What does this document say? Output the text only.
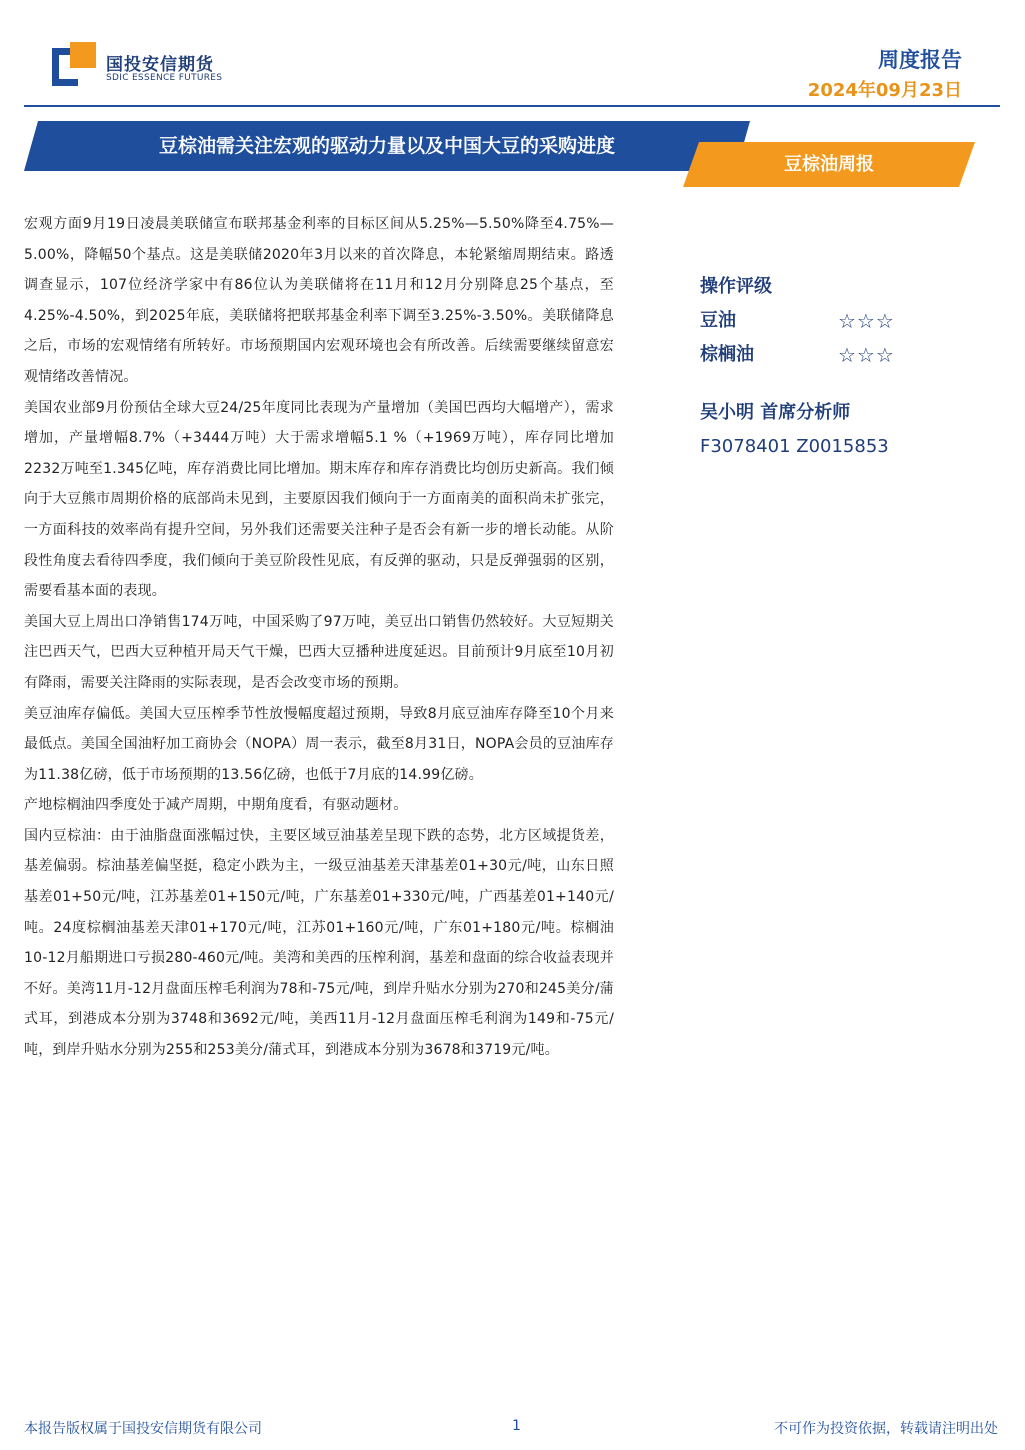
国投安信期货
SDIC ESSENCE FUTURES
周度报告
2024年09月23日
豆棕油需关注宏观的驱动力量以及中国大豆的采购进度
豆棕油周报

宏观方面9月19日凌晨美联储宣布联邦基金利率的目标区间从5.25%—5.50%降至4.75%—5.00%，降幅50个基点。这是美联储2020年3月以来的首次降息，本轮紧缩周期结束。路透调查显示，107位经济学家中有86位认为美联储将在11月和12月分别降息25个基点，至4.25%-4.50%，到2025年底，美联储将把联邦基金利率下调至3.25%-3.50%。美联储降息之后，市场的宏观情绪有所转好。市场预期国内宏观环境也会有所改善。后续需要继续留意宏观情绪改善情况。

美国农业部9月份预估全球大豆24/25年度同比表现为产量增加（美国巴西均大幅增产），需求增加，产量增幅8.7%（+3444万吨）大于需求增幅5.1 %（+1969万吨），库存同比增加2232万吨至1.345亿吨，库存消费比同比增加。期末库存和库存消费比均创历史新高。我们倾向于大豆熊市周期价格的底部尚未见到，主要原因我们倾向于一方面南美的面积尚未扩张完，一方面科技的效率尚有提升空间，另外我们还需要关注种子是否会有新一步的增长动能。从阶段性角度去看待四季度，我们倾向于美豆阶段性见底，有反弹的驱动，只是反弹强弱的区别，需要看基本面的表现。

美国大豆上周出口净销售174万吨，中国采购了97万吨，美豆出口销售仍然较好。大豆短期关注巴西天气，巴西大豆种植开局天气干燥，巴西大豆播种进度延迟。目前预计9月底至10月初有降雨，需要关注降雨的实际表现，是否会改变市场的预期。

美豆油库存偏低。美国大豆压榨季节性放慢幅度超过预期，导致8月底豆油库存降至10个月来最低点。美国全国油籽加工商协会（NOPA）周一表示，截至8月31日，NOPA会员的豆油库存为11.38亿磅，低于市场预期的13.56亿磅，也低于7月底的14.99亿磅。

产地棕榈油四季度处于减产周期，中期角度看，有驱动题材。

国内豆棕油：由于油脂盘面涨幅过快，主要区域豆油基差呈现下跌的态势，北方区域提货差，基差偏弱。棕油基差偏坚挺，稳定小跌为主，一级豆油基差天津基差01+30元/吨，山东日照基差01+50元/吨，江苏基差01+150元/吨，广东基差01+330元/吨，广西基差01+140元/吨。24度棕榈油基差天津01+170元/吨，江苏01+160元/吨，广东01+180元/吨。棕榈油10-12月船期进口亏损280-460元/吨。美湾和美西的压榨利润，基差和盘面的综合收益表现并不好。美湾11月-12月盘面压榨毛利润为78和-75元/吨，到岸升贴水分别为270和245美分/蒲式耳，到港成本分别为3748和3692元/吨，美西11月-12月盘面压榨毛利润为149和-75元/吨，到岸升贴水分别为255和253美分/蒲式耳，到港成本分别为3678和3719元/吨。

操作评级
豆油	☆☆☆
棕榈油	☆☆☆
吴小明 首席分析师
F3078401 Z0015853
本报告版权属于国投安信期货有限公司	1	不可作为投资依据，转载请注明出处
